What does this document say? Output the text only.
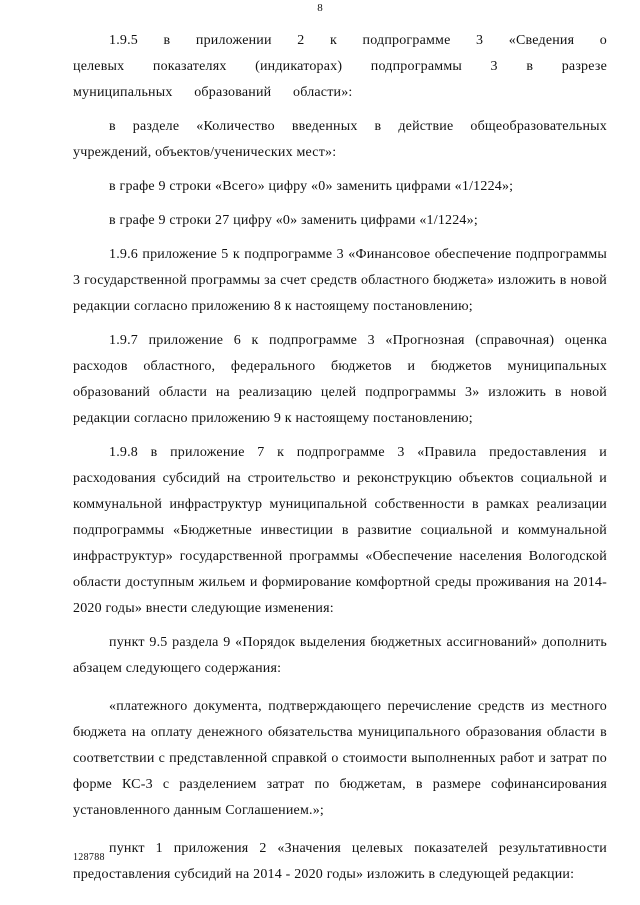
8

1.9.5 в приложении 2 к подпрограмме 3 «Сведения о целевых показателях (индикаторах) подпрограммы 3 в разрезе муниципальных образований области»:

в разделе «Количество введенных в действие общеобразовательных учреждений, объектов/ученических мест»:

в графе 9 строки «Всего» цифру «0» заменить цифрами «1/1224»;

в графе 9 строки 27 цифру «0» заменить цифрами «1/1224»;

1.9.6 приложение 5 к подпрограмме 3 «Финансовое обеспечение подпрограммы 3 государственной программы за счет средств областного бюджета» изложить в новой редакции согласно приложению 8 к настоящему постановлению;

1.9.7 приложение 6 к подпрограмме 3 «Прогнозная (справочная) оценка расходов областного, федерального бюджетов и бюджетов муниципальных образований области на реализацию целей подпрограммы 3» изложить в новой редакции согласно приложению 9 к настоящему постановлению;

1.9.8 в приложение 7 к подпрограмме 3 «Правила предоставления и расходования субсидий на строительство и реконструкцию объектов социальной и коммунальной инфраструктур муниципальной собственности в рамках реализации подпрограммы «Бюджетные инвестиции в развитие социальной и коммунальной инфраструктур» государственной программы «Обеспечение населения Вологодской области доступным жильем и формирование комфортной среды проживания на 2014-2020 годы» внести следующие изменения:

пункт 9.5 раздела 9 «Порядок выделения бюджетных ассигнований» дополнить абзацем следующего содержания:

«платежного документа, подтверждающего перечисление средств из местного бюджета на оплату денежного обязательства муниципального образования области в соответствии с представленной справкой о стоимости выполненных работ и затрат по форме КС-3 с разделением затрат по бюджетам, в размере софинансирования установленного данным Соглашением.»;

пункт 1 приложения 2 «Значения целевых показателей результативности предоставления субсидий на 2014 - 2020 годы» изложить в следующей редакции:

128788
